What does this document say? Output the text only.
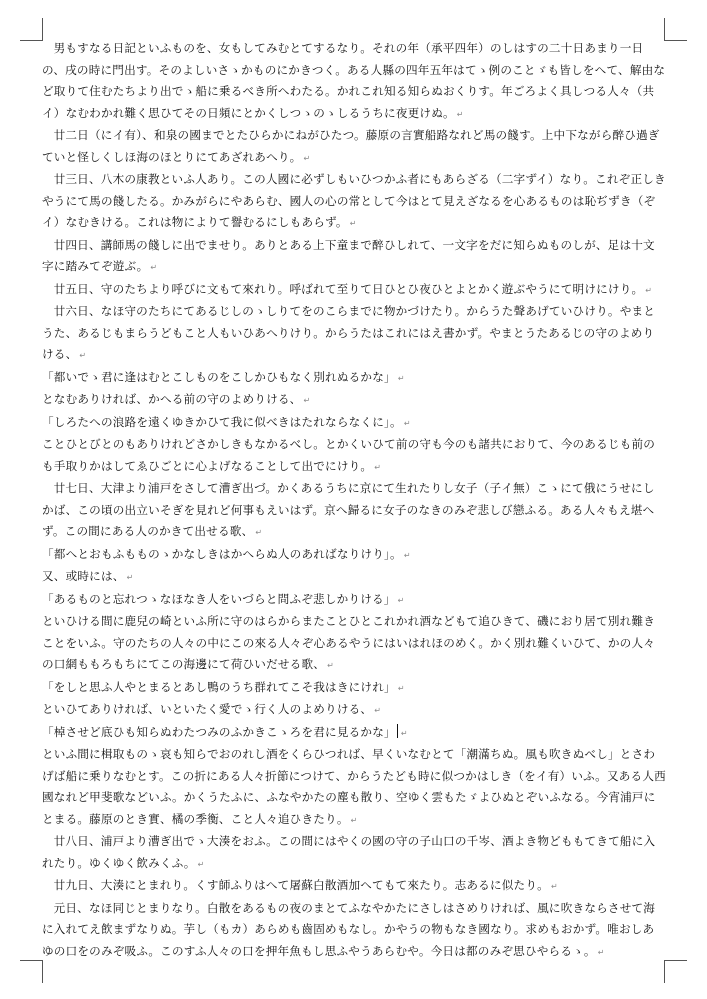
男もすなる日記といふものを、女もしてみむとてするなり。それの年（承平四年）のしはすの二十日あまり一日の、戌の時に門出す。そのよしいさゝかものにかきつく。ある人縣の四年五年はてゝ例のことゞも皆しをへて、解由など取りて住むたちより出でゝ船に乗るべき所へわたる。かれこれ知る知らぬおくりす。年ごろよく具しつる人々（共イ）なむわかれ難く思ひてその日頻にとかくしつゝのゝしるうちに夜更けぬ。 ↵

廿二日（にイ有）、和泉の國までとたひらかにねがひたつ。藤原の言實船路なれど馬の餞す。上中下ながら醉ひ過ぎていと怪しくしほ海のほとりにてあざれあへり。 ↵

廿三日、八木の康教といふ人あり。この人國に必ずしもいひつかふ者にもあらざる（二字ずイ）なり。これぞ正しきやうにて馬の餞したる。かみがらにやあらむ、國人の心の常として今はとて見えざなるを心あるものは恥ぢずき（ぞイ）なむきける。これは物によりて譽むるにしもあらず。 ↵

廿四日、講師馬の餞しに出でませり。ありとある上下童まで醉ひしれて、一文字をだに知らぬものしが、足は十文字に踏みてぞ遊ぶ。 ↵

廿五日、守のたちより呼びに文もて來れり。呼ばれて至りて日ひとひ夜ひとよとかく遊ぶやうにて明けにけり。 ↵

廿六日、なほ守のたちにてあるじしのゝしりてをのこらまでに物かづけたり。からうた聲あげていひけり。やまとうた、あるじもまらうどもこと人もいひあへりけり。からうたはこれにはえ書かず。やまとうたあるじの守のよめりける、 ↵

「都いでゝ君に逢はむとこしものをこしかひもなく別れぬるかな」 ↵

となむありければ、かへる前の守のよめりける、 ↵

「しろたへの浪路を遠くゆきかひて我に似べきはたれならなくに」。 ↵

ことひとびとのもありけれどさかしきもなかるべし。とかくいひて前の守も今のも諸共におりて、今のあるじも前のも手取りかはしてゑひごとに心よげなることして出でにけり。 ↵

廿七日、大津より浦戸をさして漕ぎ出づ。かくあるうちに京にて生れたりし女子（子イ無）こゝにて俄にうせにしかば、この頃の出立いそぎを見れど何事もえいはず。京へ歸るに女子のなきのみぞ悲しび戀ふる。ある人々もえ堪へず。この間にある人のかきて出せる歌、 ↵

「都へとおもふもものゝかなしきはかへらぬ人のあればなりけり」。 ↵

又、或時には、 ↵

「あるものと忘れつゝなほなき人をいづらと問ふぞ悲しかりける」 ↵

といひける間に鹿兒の崎といふ所に守のはらからまたことひとこれかれ酒などもて追ひきて、磯におり居て別れ難きことをいふ。守のたちの人々の中にこの來る人々ぞ心あるやうにはいはれほのめく。かく別れ難くいひて、かの人々の口網ももろもちにてこの海邊にて荷ひいだせる歌、 ↵

「をしと思ふ人やとまるとあし鴨のうち群れてこそ我はきにけれ」 ↵

といひてありければ、いといたく愛でゝ行く人のよめりける、 ↵

「棹させど底ひも知らぬわたつみのふかきこゝろを君に見るかな」 ↵

といふ間に楫取ものゝ哀も知らでおのれし酒をくらひつれば、早くいなむとて「潮滿ちぬ。風も吹きぬべし」とさわげば船に乗りなむとす。この折にある人々折節につけて、からうたども時に似つかはしき（をイ有）いふ。又ある人西國なれど甲斐歌などいふ。かくうたふに、ふなやかたの塵も散り、空ゆく雲もたゞよひぬとぞいふなる。今宵浦戸にとまる。藤原のとき實、橘の季衡、こと人々追ひきたり。 ↵

廿八日、浦戸より漕ぎ出でゝ大湊をおふ。この間にはやくの國の守の子山口の千岑、酒よき物どももてきて船に入れたり。ゆくゆく飲みくふ。 ↵

廿九日、大湊にとまれり。くす師ふりはへて屠蘇白散酒加へてもて來たり。志あるに似たり。 ↵

元日、なほ同じとまりなり。白散をあるもの夜のまとてふなやかたにさしはさめりければ、風に吹きならさせて海に入れてえ飲まずなりぬ。芋し（もカ）あらめも齒固めもなし。かやうの物もなき國なり。求めもおかず。唯おしあゆの口をのみぞ吸ふ。このすふ人々の口を押年魚もし思ふやうあらむや。今日は都のみぞ思ひやらるゝ。 ↵
